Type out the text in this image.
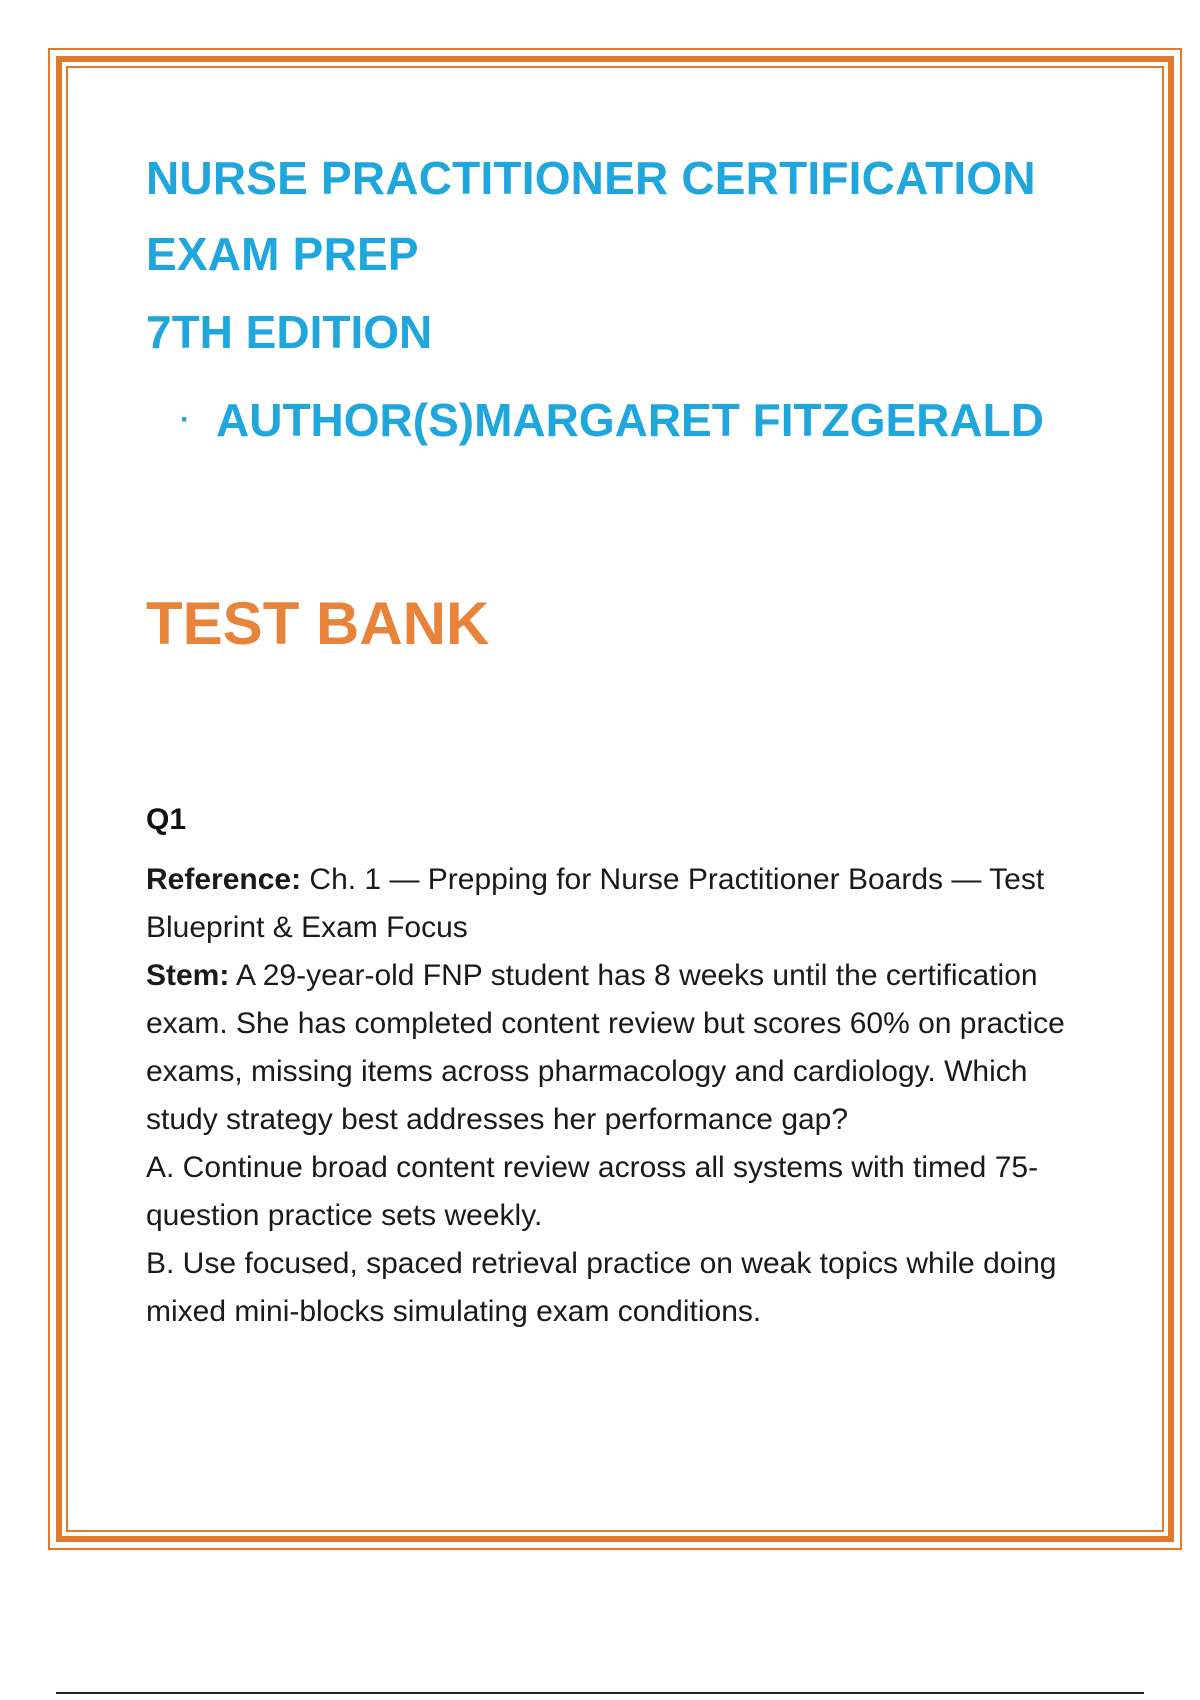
NURSE PRACTITIONER CERTIFICATION
EXAM PREP
7TH EDITION
· AUTHOR(S)MARGARET FITZGERALD
TEST BANK
Q1

Reference: Ch. 1 — Prepping for Nurse Practitioner Boards — Test Blueprint & Exam Focus

Stem: A 29-year-old FNP student has 8 weeks until the certification exam. She has completed content review but scores 60% on practice exams, missing items across pharmacology and cardiology. Which study strategy best addresses her performance gap?

A. Continue broad content review across all systems with timed 75-question practice sets weekly.

B. Use focused, spaced retrieval practice on weak topics while doing mixed mini-blocks simulating exam conditions.
